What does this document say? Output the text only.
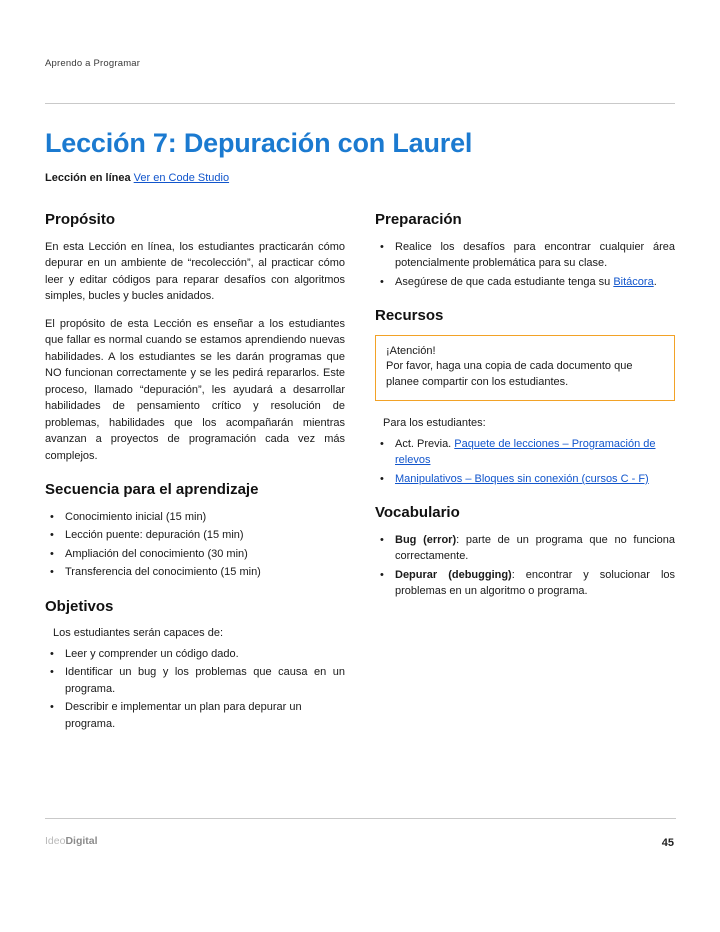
Aprendo a Programar
Lección 7: Depuración con Laurel
Lección en línea Ver en Code Studio
Propósito

En esta Lección en línea, los estudiantes practicarán cómo depurar en un ambiente de “recolección”, al practicar cómo leer y editar códigos para reparar desafíos con algoritmos simples, bucles y bucles anidados.

El propósito de esta Lección es enseñar a los estudiantes que fallar es normal cuando se estamos aprendiendo nuevas habilidades. A los estudiantes se les darán programas que NO funcionan correctamente y se les pedirá repararlos. Este proceso, llamado “depuración”, les ayudará a desarrollar habilidades de pensamiento crítico y resolución de problemas, habilidades que los acompañarán mientras avanzan a proyectos de programación cada vez más complejos.

Secuencia para el aprendizaje
• Conocimiento inicial (15 min)
• Lección puente: depuración (15 min)
• Ampliación del conocimiento (30 min)
• Transferencia del conocimiento (15 min)
Objetivos
Los estudiantes serán capaces de:
• Leer y comprender un código dado.
• Identificar un bug y los problemas que causa en un programa.
• Describir e implementar un plan para depurar un programa.
Preparación
• Realice los desafíos para encontrar cualquier área potencialmente problemática para su clase.
• Asegúrese de que cada estudiante tenga su Bitácora.
Recursos
¡Atención!
Por favor, haga una copia de cada documento que planee compartir con los estudiantes.
Para los estudiantes:
• Act. Previa. Paquete de lecciones – Programación de relevos
• Manipulativos – Bloques sin conexión (cursos C - F)
Vocabulario
• Bug (error): parte de un programa que no funciona correctamente.
• Depurar (debugging): encontrar y solucionar los problemas en un algoritmo o programa.
IdeoDigital	45
